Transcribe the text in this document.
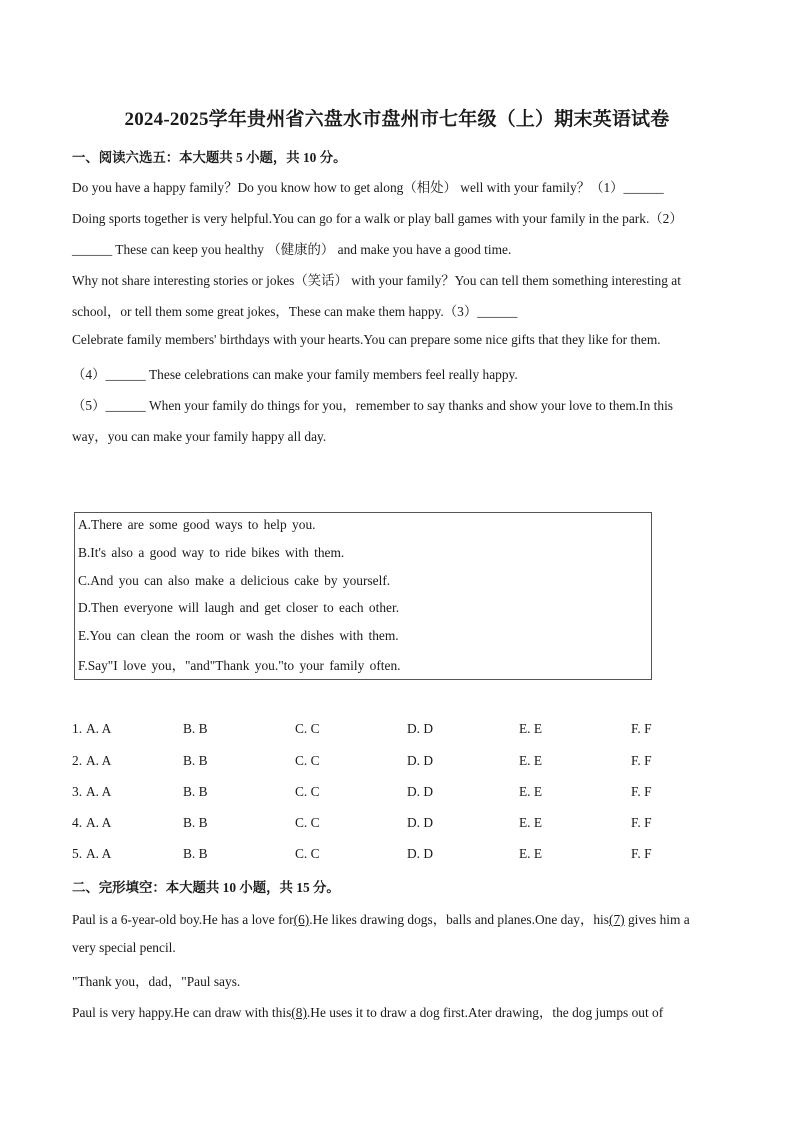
2024-2025学年贵州省六盘水市盘州市七年级（上）期末英语试卷
一、阅读六选五：本大题共 5 小题，共 10 分。
Do you have a happy family？Do you know how to get along（相处） well with your family？（1）______
Doing sports together is very helpful.You can go for a walk or play ball games with your family in the park.（2）
______ These can keep you healthy （健康的） and make you have a good time.
Why not share interesting stories or jokes（笑话） with your family？You can tell them something interesting at
school，or tell them some great jokes，These can make them happy.（3）______
Celebrate family members' birthdays with your hearts.You can prepare some nice gifts that they like for them.
（4）______ These celebrations can make your family members feel really happy.
（5）______ When your family do things for you，remember to say thanks and show your love to them.In this
way，you can make your family happy all day.
A.There are some good ways to help you.
B.It's also a good way to ride bikes with them.
C.And you can also make a delicious cake by yourself.
D.Then everyone will laugh and get closer to each other.
E.You can clean the room or wash the dishes with them.
F.Say"I love you，"and"Thank you."to your family often.
1. A. A	B. B	C. C	D. D	E. E	F. F
2. A. A	B. B	C. C	D. D	E. E	F. F
3. A. A	B. B	C. C	D. D	E. E	F. F
4. A. A	B. B	C. C	D. D	E. E	F. F
5. A. A	B. B	C. C	D. D	E. E	F. F
二、完形填空：本大题共 10 小题，共 15 分。
Paul is a 6-year-old boy.He has a love for(6).He likes drawing dogs，balls and planes.One day，his(7) gives him a
very special pencil.
"Thank you，dad，"Paul says.
Paul is very happy.He can draw with this(8).He uses it to draw a dog first.Ater drawing，the dog jumps out of
